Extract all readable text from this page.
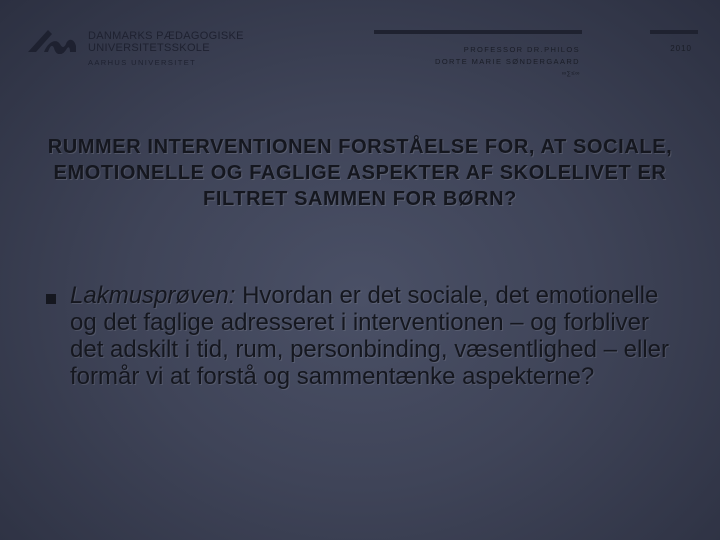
DANMARKS PÆDAGOGISKE
UNIVERSITETSSKOLE
AARHUS UNIVERSITET
PROFESSOR DR.PHILOS
DORTE MARIE SØNDERGAARD
∞∑≤∞
2010
RUMMER INTERVENTIONEN FORSTÅELSE FOR, AT SOCIALE, EMOTIONELLE OG FAGLIGE ASPEKTER AF SKOLELIVET ER FILTRET SAMMEN FOR BØRN?
Lakmusprøven: Hvordan er det sociale, det emotionelle og det faglige adresseret i interventionen – og forbliver det adskilt i tid, rum, personbinding, væsentlighed – eller formår vi at forstå og sammentænke aspekterne?
